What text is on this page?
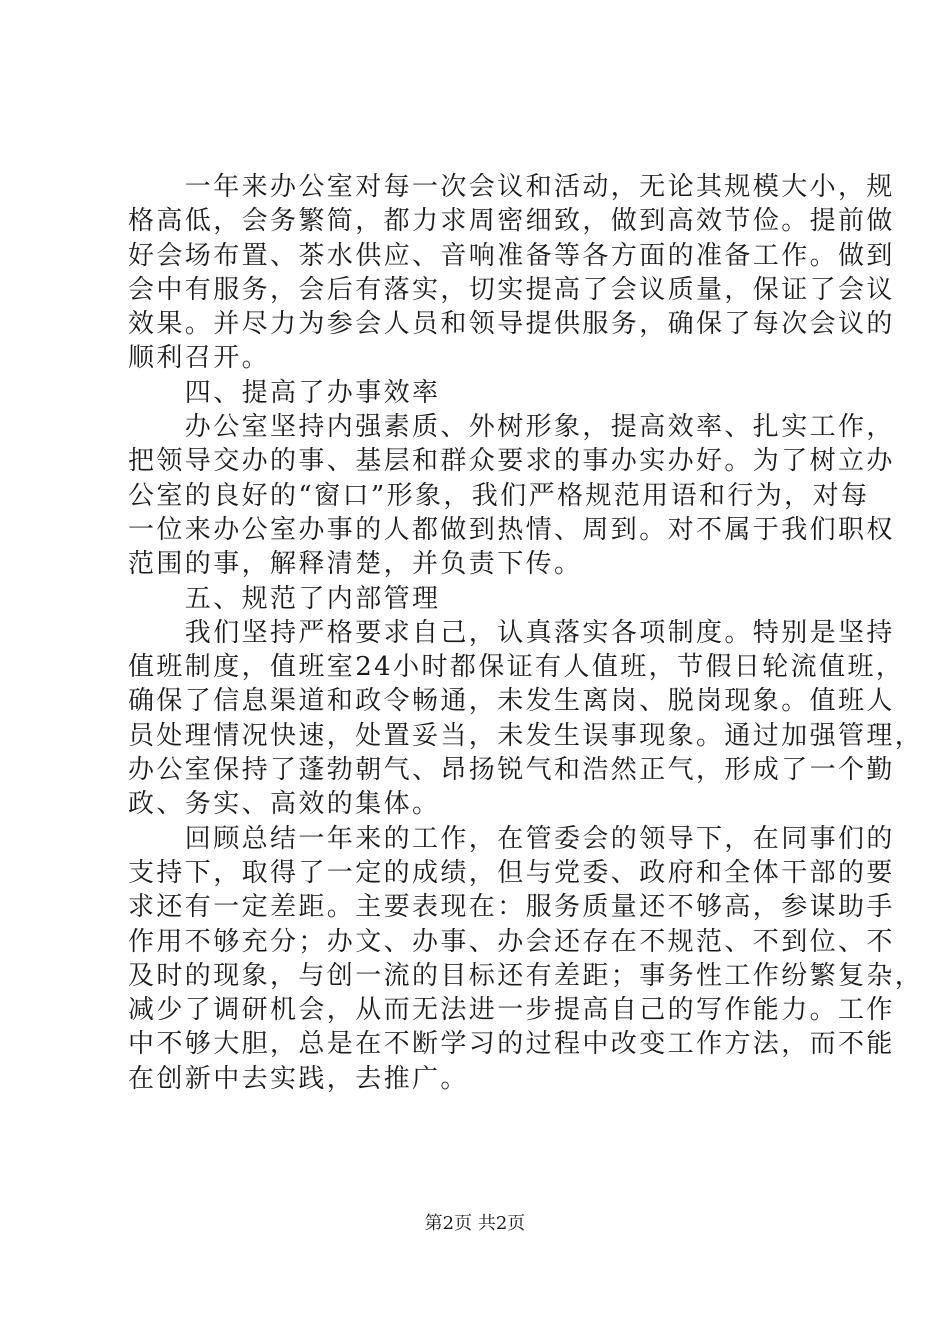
　　一年来办公室对每一次会议和活动，无论其规模大小，规
格高低，会务繁简，都力求周密细致，做到高效节俭。提前做
好会场布置、茶水供应、音响准备等各方面的准备工作。做到
会中有服务，会后有落实，切实提高了会议质量，保证了会议
效果。并尽力为参会人员和领导提供服务，确保了每次会议的
顺利召开。
　　四、提高了办事效率
　　办公室坚持内强素质、外树形象，提高效率、扎实工作，
把领导交办的事、基层和群众要求的事办实办好。为了树立办
公室的良好的“窗口”形象，我们严格规范用语和行为，对每
一位来办公室办事的人都做到热情、周到。对不属于我们职权
范围的事，解释清楚，并负责下传。
　　五、规范了内部管理
　　我们坚持严格要求自己，认真落实各项制度。特别是坚持
值班制度，值班室24小时都保证有人值班，节假日轮流值班，
确保了信息渠道和政令畅通，未发生离岗、脱岗现象。值班人
员处理情况快速，处置妥当，未发生误事现象。通过加强管理，
办公室保持了蓬勃朝气、昂扬锐气和浩然正气，形成了一个勤
政、务实、高效的集体。
　　回顾总结一年来的工作，在管委会的领导下，在同事们的
支持下，取得了一定的成绩，但与党委、政府和全体干部的要
求还有一定差距。主要表现在：服务质量还不够高，参谋助手
作用不够充分；办文、办事、办会还存在不规范、不到位、不
及时的现象，与创一流的目标还有差距；事务性工作纷繁复杂，
减少了调研机会，从而无法进一步提高自己的写作能力。工作
中不够大胆，总是在不断学习的过程中改变工作方法，而不能
在创新中去实践，去推广。
第2页 共2页
